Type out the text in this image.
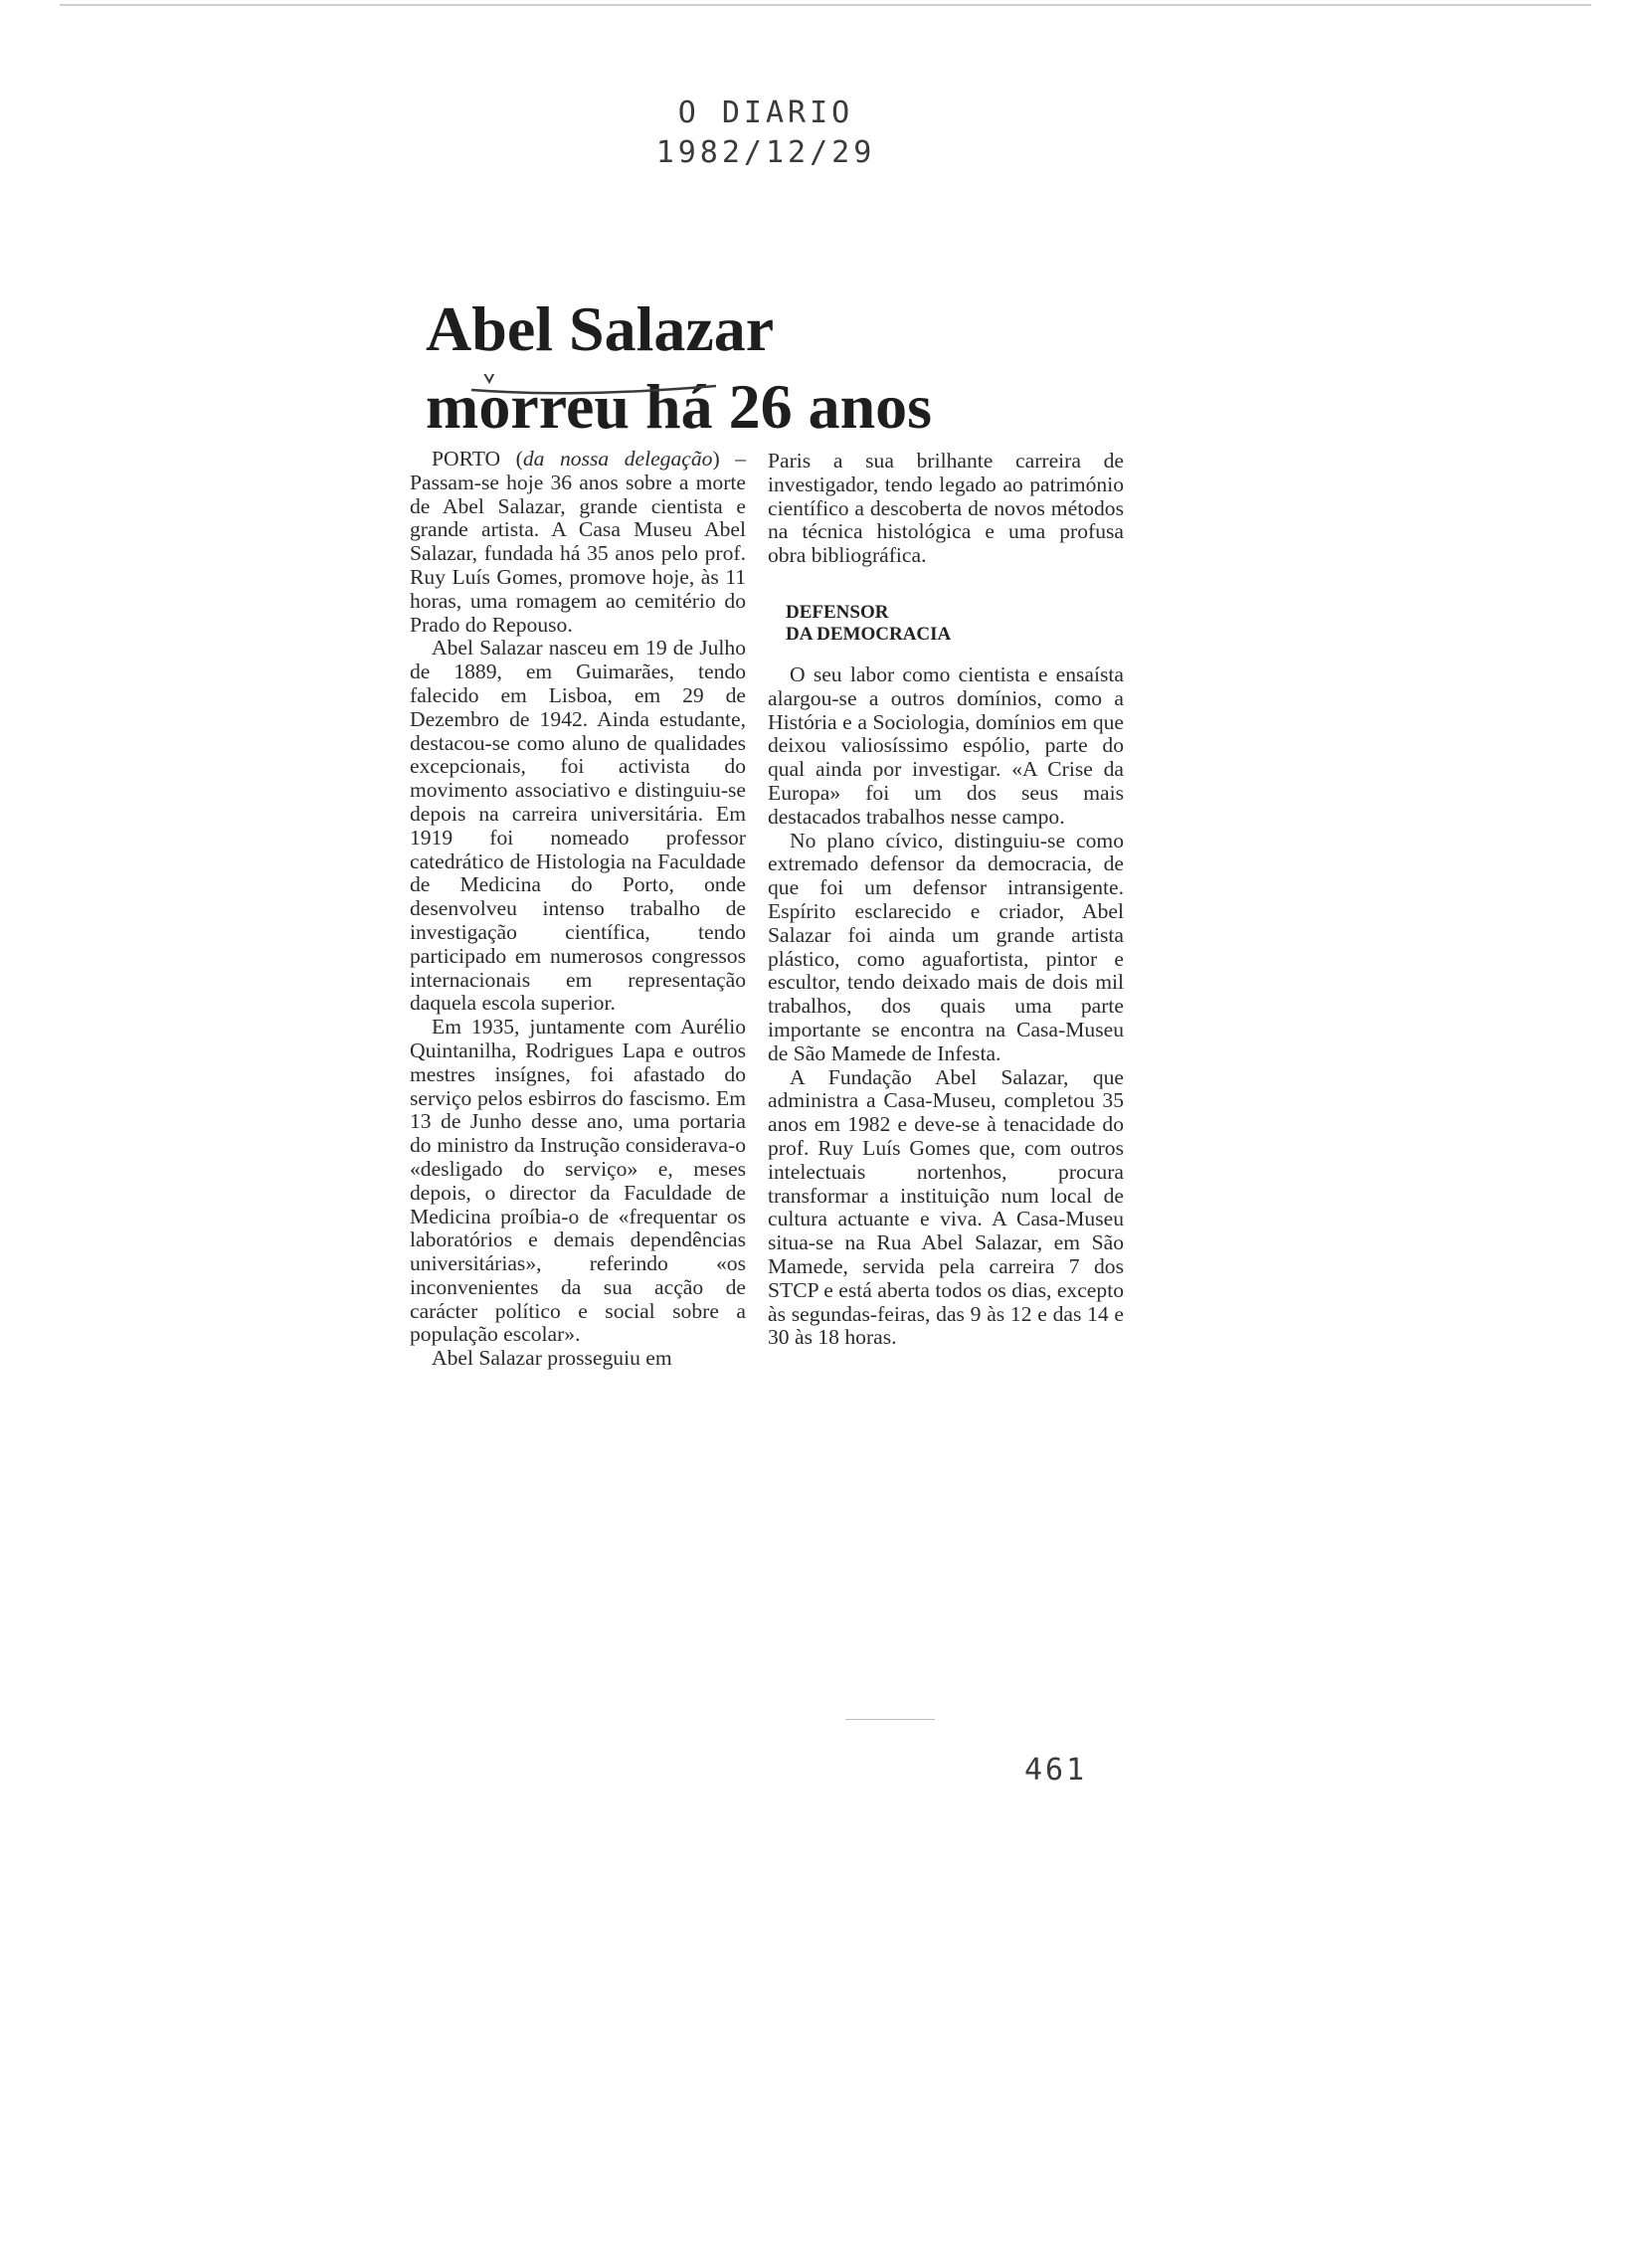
O DIARIO
1982/12/29
Abel Salazar
morreu há 26 anos

PORTO (da nossa delegação) – Passam-se hoje 36 anos sobre a morte de Abel Salazar, grande cientista e grande artista. A Casa Museu Abel Salazar, fundada há 35 anos pelo prof. Ruy Luís Gomes, promove hoje, às 11 horas, uma romagem ao cemitério do Prado do Repouso.

Abel Salazar nasceu em 19 de Julho de 1889, em Guimarães, tendo falecido em Lisboa, em 29 de Dezembro de 1942. Ainda estudante, destacou-se como aluno de qualidades excepcionais, foi activista do movimento associativo e distinguiu-se depois na carreira universitária. Em 1919 foi nomeado professor catedrático de Histologia na Faculdade de Medicina do Porto, onde desenvolveu intenso trabalho de investigação científica, tendo participado em numerosos congressos internacionais em representação daquela escola superior.

Em 1935, juntamente com Aurélio Quintanilha, Rodrigues Lapa e outros mestres insígnes, foi afastado do serviço pelos esbirros do fascismo. Em 13 de Junho desse ano, uma portaria do ministro da Instrução considerava-o «desligado do serviço» e, meses depois, o director da Faculdade de Medicina proíbia-o de «frequentar os laboratórios e demais dependências universitárias», referindo «os inconvenientes da sua acção de carácter político e social sobre a população escolar».

Abel Salazar prosseguiu em

Paris a sua brilhante carreira de investigador, tendo legado ao património científico a descoberta de novos métodos na técnica histológica e uma profusa obra bibliográfica.

DEFENSOR
DA DEMOCRACIA

O seu labor como cientista e ensaísta alargou-se a outros domínios, como a História e a Sociologia, domínios em que deixou valiosíssimo espólio, parte do qual ainda por investigar. «A Crise da Europa» foi um dos seus mais destacados trabalhos nesse campo.

No plano cívico, distinguiu-se como extremado defensor da democracia, de que foi um defensor intransigente. Espírito esclarecido e criador, Abel Salazar foi ainda um grande artista plástico, como aguafortista, pintor e escultor, tendo deixado mais de dois mil trabalhos, dos quais uma parte importante se encontra na Casa-Museu de São Mamede de Infesta.

A Fundação Abel Salazar, que administra a Casa-Museu, completou 35 anos em 1982 e deve-se à tenacidade do prof. Ruy Luís Gomes que, com outros intelectuais nortenhos, procura transformar a instituição num local de cultura actuante e viva. A Casa-Museu situa-se na Rua Abel Salazar, em São Mamede, servida pela carreira 7 dos STCP e está aberta todos os dias, excepto às segundas-feiras, das 9 às 12 e das 14 e 30 às 18 horas.

461
